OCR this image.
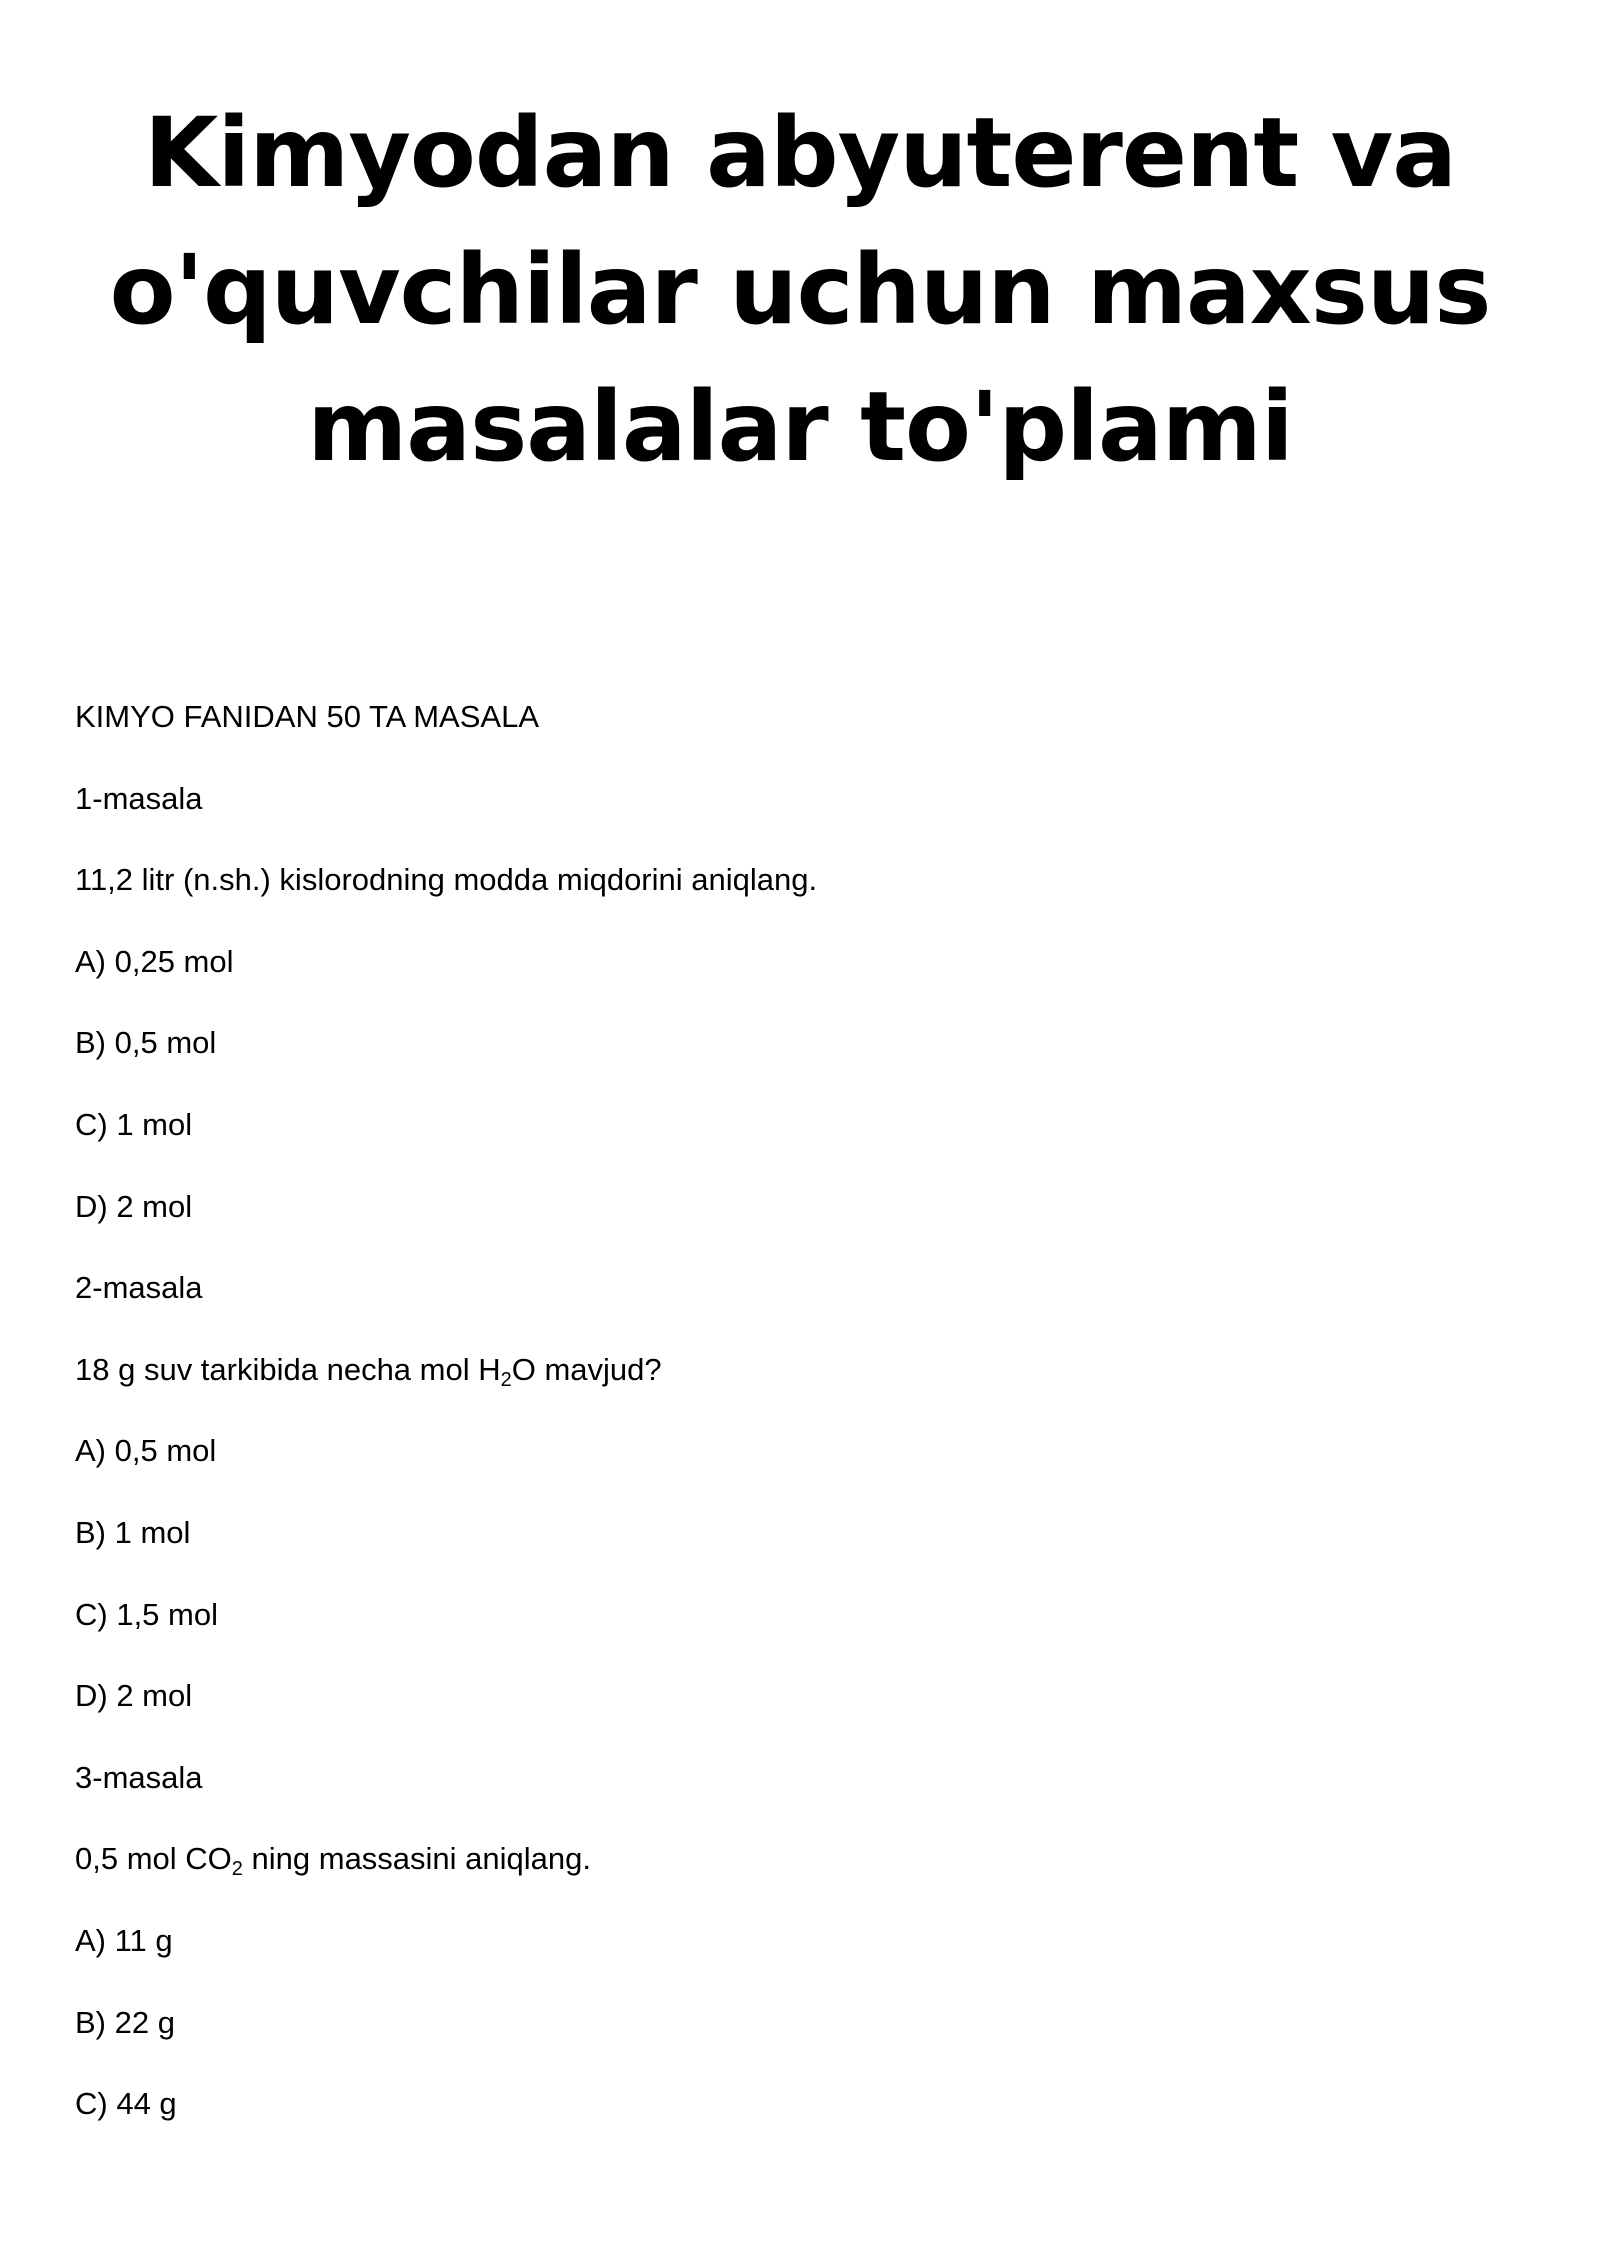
Kimyodan abyuterent va
o'quvchilar uchun maxsus
masalalar to'plami
KIMYO FANIDAN 50 TA MASALA
1-masala
11,2 litr (n.sh.) kislorodning modda miqdorini aniqlang.
A) 0,25 mol
B) 0,5 mol
C) 1 mol
D) 2 mol
2-masala
18 g suv tarkibida necha mol $H_2O$ mavjud?
A) 0,5 mol
B) 1 mol
C) 1,5 mol
D) 2 mol
3-masala
0,5 mol $CO_2$ ning massasini aniqlang.
A) 11 g
B) 22 g
C) 44 g
